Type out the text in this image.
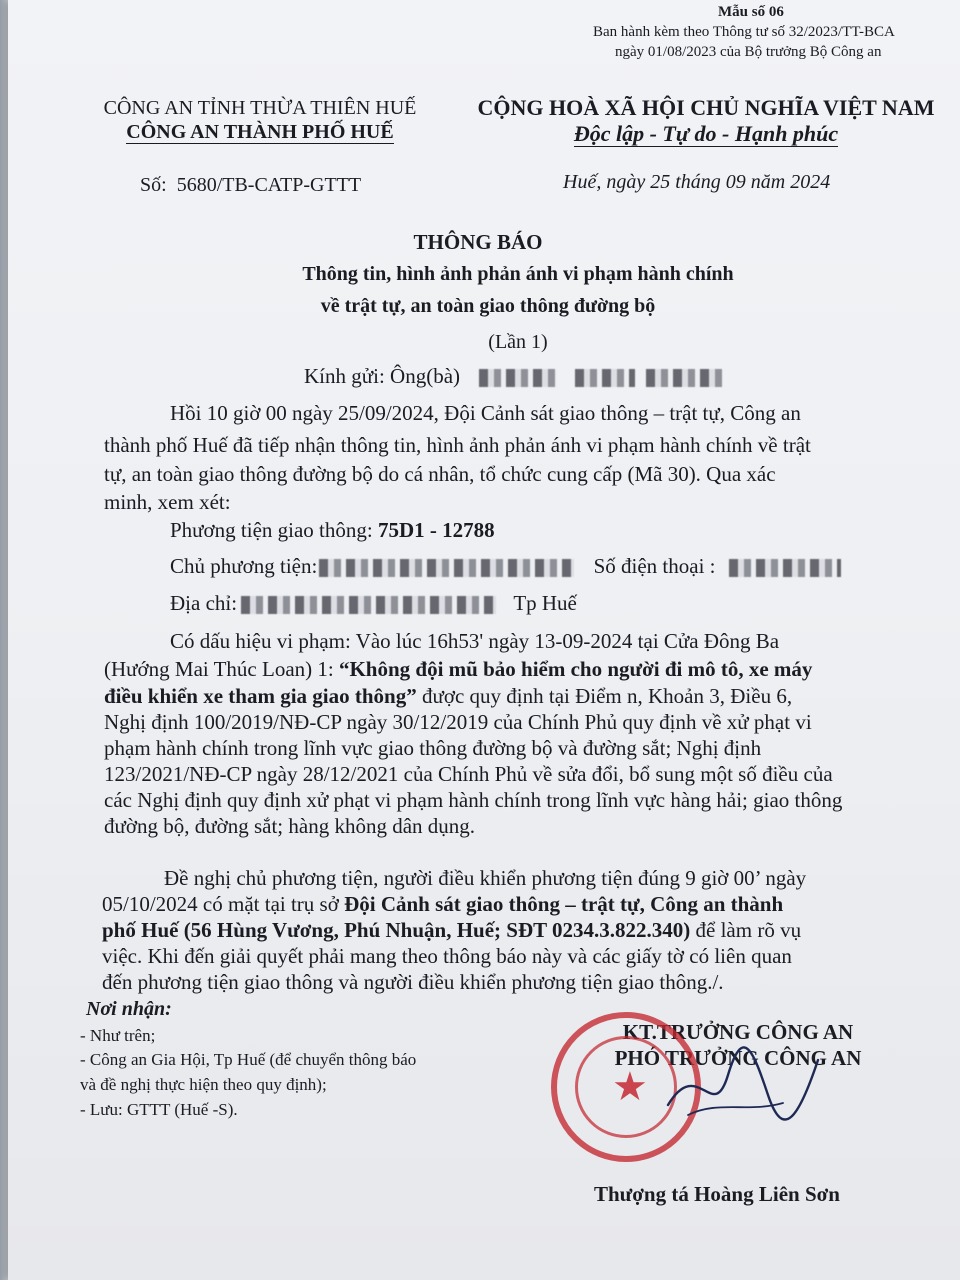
Mẫu số 06
Ban hành kèm theo Thông tư số 32/2023/TT-BCA
ngày 01/08/2023 của Bộ trưởng Bộ Công an
CÔNG AN TỈNH THỪA THIÊN HUẾ
CÔNG AN THÀNH PHỐ HUẾ
CỘNG HOÀ XÃ HỘI CHỦ NGHĨA VIỆT NAM
Độc lập - Tự do - Hạnh phúc
Số: 5680/TB-CATP-GTTT	Huế, ngày 25 tháng 09 năm 2024
THÔNG BÁO
Thông tin, hình ảnh phản ánh vi phạm hành chính
về trật tự, an toàn giao thông đường bộ
(Lần 1)
Kính gửi: Ông(bà)
Hồi 10 giờ 00 ngày 25/09/2024, Đội Cảnh sát giao thông – trật tự, Công an
thành phố Huế đã tiếp nhận thông tin, hình ảnh phản ánh vi phạm hành chính về trật
tự, an toàn giao thông đường bộ do cá nhân, tổ chức cung cấp (Mã 30). Qua xác
minh, xem xét:
Phương tiện giao thông: 75D1 - 12788
Chủ phương tiện:	Số điện thoại :
Địa chỉ:	Tp Huế
Có dấu hiệu vi phạm: Vào lúc 16h53' ngày 13-09-2024 tại Cửa Đông Ba
(Hướng Mai Thúc Loan) 1: “Không đội mũ bảo hiểm cho người đi mô tô, xe máy
điều khiển xe tham gia giao thông” được quy định tại Điểm n, Khoản 3, Điều 6,
Nghị định 100/2019/NĐ-CP ngày 30/12/2019 của Chính Phủ quy định về xử phạt vi
phạm hành chính trong lĩnh vực giao thông đường bộ và đường sắt; Nghị định
123/2021/NĐ-CP ngày 28/12/2021 của Chính Phủ về sửa đổi, bổ sung một số điều của
các Nghị định quy định xử phạt vi phạm hành chính trong lĩnh vực hàng hải; giao thông
đường bộ, đường sắt; hàng không dân dụng.
Đề nghị chủ phương tiện, người điều khiển phương tiện đúng 9 giờ 00’ ngày
05/10/2024 có mặt tại trụ sở Đội Cảnh sát giao thông – trật tự, Công an thành
phố Huế (56 Hùng Vương, Phú Nhuận, Huế; SĐT 0234.3.822.340) để làm rõ vụ
việc. Khi đến giải quyết phải mang theo thông báo này và các giấy tờ có liên quan
đến phương tiện giao thông và người điều khiển phương tiện giao thông./.
Nơi nhận:
- Như trên;
- Công an Gia Hội, Tp Huế (để chuyển thông báo
và đề nghị thực hiện theo quy định);
- Lưu: GTTT (Huế -S).
KT.TRƯỞNG CÔNG AN
PHÓ TRƯỞNG CÔNG AN
★
Thượng tá Hoàng Liên Sơn
